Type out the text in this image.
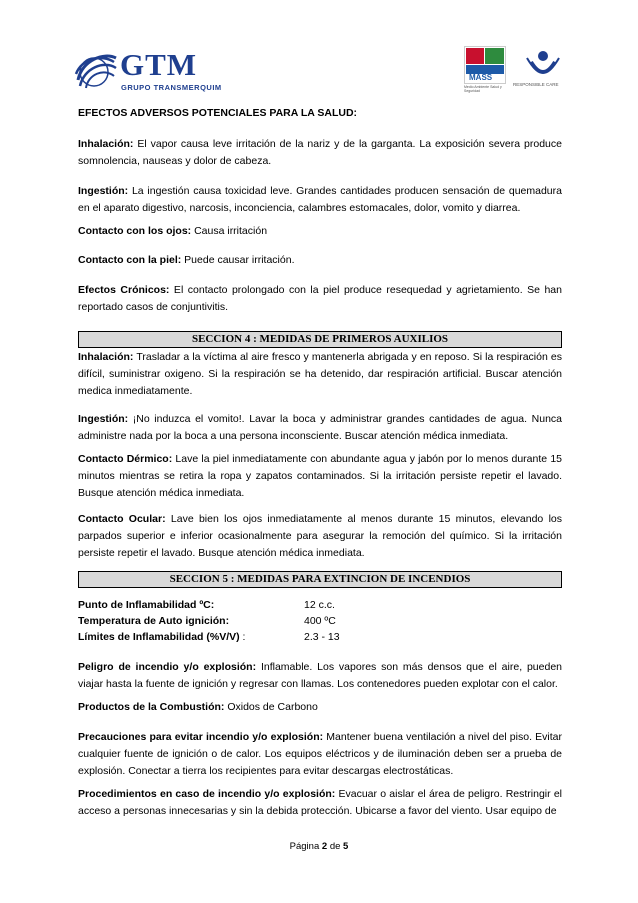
GTM
GRUPO TRANSMERQUIM
MASS
Medio Ambiente Salud y Seguridad
RESPONSIBLE CARE
EFECTOS ADVERSOS POTENCIALES PARA LA SALUD:
Inhalación: El vapor causa leve irritación de la nariz y de la garganta. La exposición severa produce somnolencia, nauseas y dolor de cabeza.
Ingestión: La ingestión causa toxicidad leve. Grandes cantidades producen sensación de quemadura en el aparato digestivo, narcosis, inconciencia, calambres estomacales, dolor, vomito y diarrea.
Contacto con los ojos: Causa irritación
Contacto con la piel: Puede causar irritación.
Efectos Crónicos: El contacto prolongado con la piel produce resequedad y agrietamiento. Se han reportado casos de conjuntivitis.
SECCION 4 : MEDIDAS DE PRIMEROS AUXILIOS
Inhalación: Trasladar a la víctima al aire fresco y mantenerla abrigada y en reposo. Si la respiración es difícil, suministrar oxigeno. Si la respiración se ha detenido, dar respiración artificial. Buscar atención medica inmediatamente.
Ingestión: ¡No induzca el vomito!. Lavar la boca y administrar grandes cantidades de agua. Nunca administre nada por la boca a una persona inconsciente. Buscar atención médica inmediata.
Contacto Dérmico: Lave la piel inmediatamente con abundante agua y jabón por lo menos durante 15 minutos mientras se retira la ropa y zapatos contaminados. Si la irritación persiste repetir el lavado. Busque atención médica inmediata.
Contacto Ocular: Lave bien los ojos inmediatamente al menos durante 15 minutos, elevando los parpados superior e inferior ocasionalmente para asegurar la remoción del químico. Si la irritación persiste repetir el lavado. Busque atención médica inmediata.
SECCION 5 : MEDIDAS PARA EXTINCION DE INCENDIOS
Punto de Inflamabilidad ºC:	12 c.c.
Temperatura de Auto ignición:	400 ºC
Límites de Inflamabilidad (%V/V) :	2.3 - 13
Peligro de incendio y/o explosión: Inflamable. Los vapores son más densos que el aire, pueden viajar hasta la fuente de ignición y regresar con llamas. Los contenedores pueden explotar con el calor.
Productos de la Combustión: Oxidos de Carbono
Precauciones para evitar incendio y/o explosión: Mantener buena ventilación a nivel del piso. Evitar cualquier fuente de ignición o de calor. Los equipos eléctricos y de iluminación deben ser a prueba de explosión. Conectar a tierra los recipientes para evitar descargas electrostáticas.
Procedimientos en caso de incendio y/o explosión: Evacuar o aislar el área de peligro. Restringir el acceso a personas innecesarias y sin la debida protección. Ubicarse a favor del viento. Usar equipo de
Página 2 de 5
